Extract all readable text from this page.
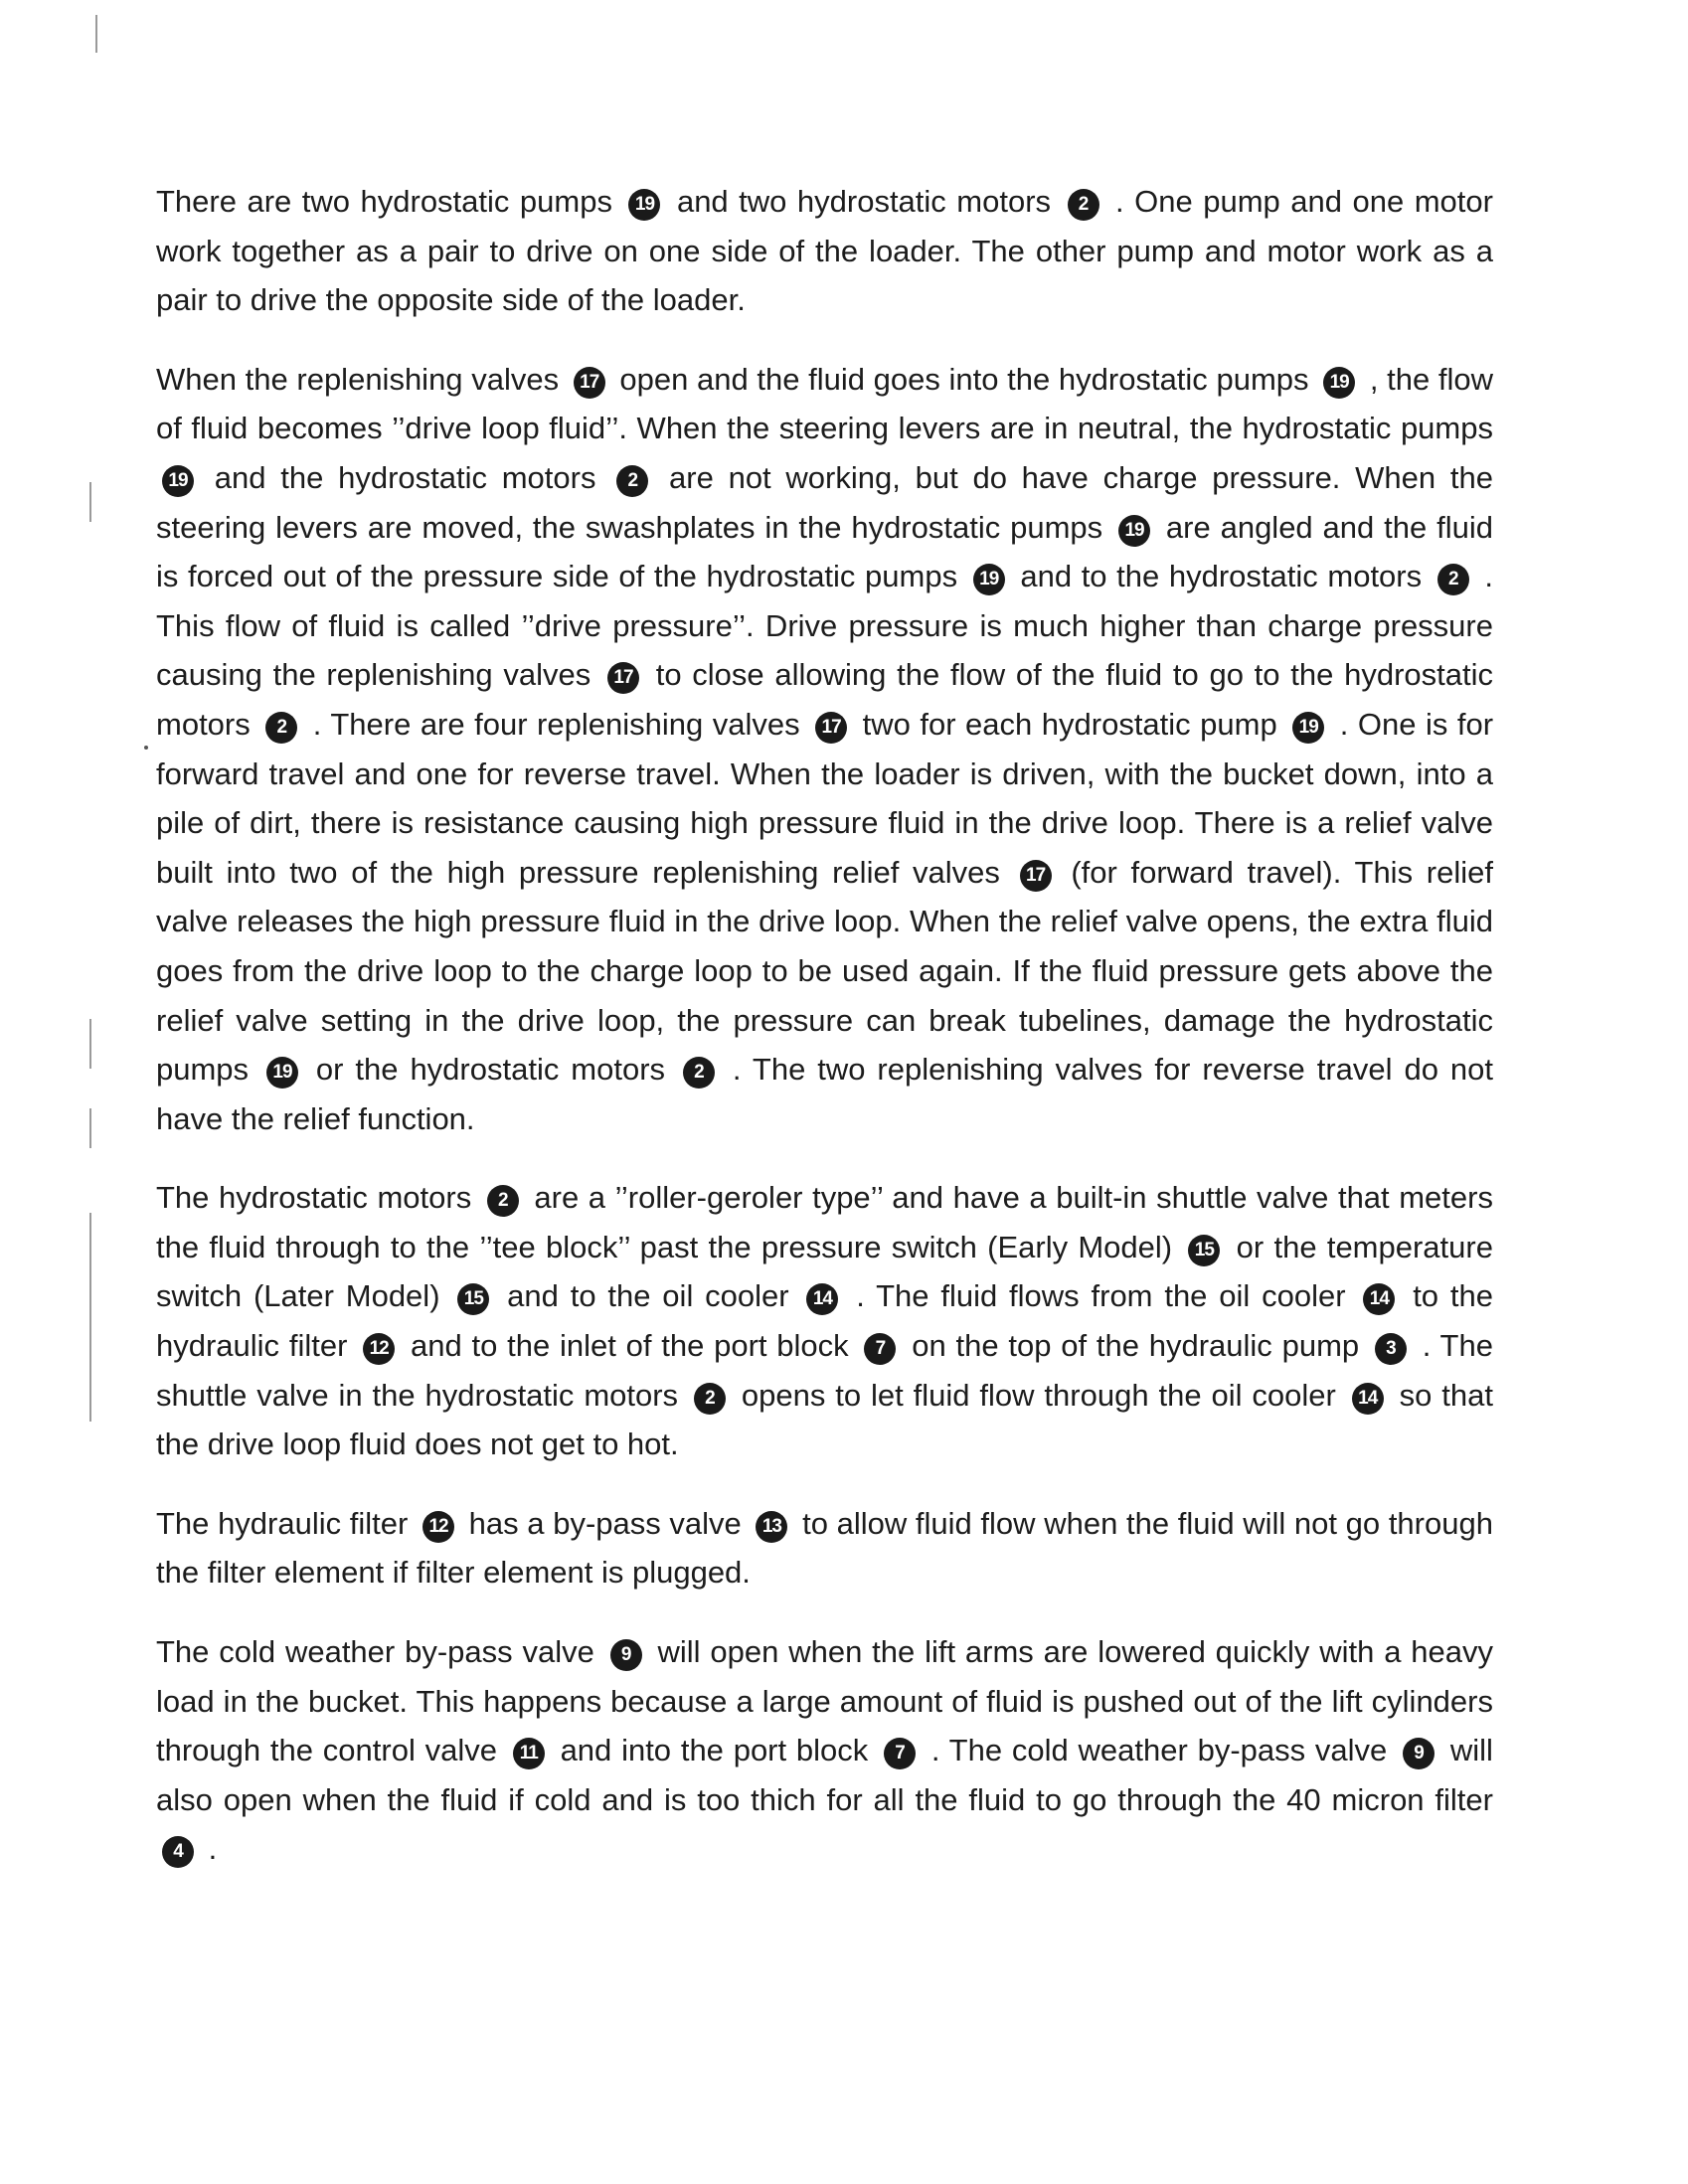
There are two hydrostatic pumps 19 and two hydrostatic motors 2 . One pump and one motor work together as a pair to drive on one side of the loader. The other pump and motor work as a pair to drive the opposite side of the loader.

When the replenishing valves 17 open and the fluid goes into the hydrostatic pumps 19 , the flow of fluid becomes ’’drive loop fluid’’. When the steering levers are in neutral, the hydrostatic pumps 19 and the hydrostatic motors 2 are not working, but do have charge pressure. When the steering levers are moved, the swashplates in the hydrostatic pumps 19 are angled and the fluid is forced out of the pressure side of the hydrostatic pumps 19 and to the hydrostatic motors 2 . This flow of fluid is called ’’drive pressure’’. Drive pressure is much higher than charge pressure causing the replenishing valves 17 to close allowing the flow of the fluid to go to the hydrostatic motors 2 . There are four replenishing valves 17 two for each hydrostatic pump 19 . One is for forward travel and one for reverse travel. When the loader is driven, with the bucket down, into a pile of dirt, there is resistance causing high pressure fluid in the drive loop. There is a relief valve built into two of the high pressure replenishing relief valves 17 (for forward travel). This relief valve releases the high pressure fluid in the drive loop. When the relief valve opens, the extra fluid goes from the drive loop to the charge loop to be used again. If the fluid pressure gets above the relief valve setting in the drive loop, the pressure can break tubelines, damage the hydrostatic pumps 19 or the hydrostatic motors 2 . The two replenishing valves for reverse travel do not have the relief function.

The hydrostatic motors 2 are a ’’roller-geroler type’’ and have a built-in shuttle valve that meters the fluid through to the ’’tee block’’ past the pressure switch (Early Model) 15 or the temperature switch (Later Model) 15 and to the oil cooler 14 . The fluid flows from the oil cooler 14 to the hydraulic filter 12 and to the inlet of the port block 7 on the top of the hydraulic pump 3 . The shuttle valve in the hydrostatic motors 2 opens to let fluid flow through the oil cooler 14 so that the drive loop fluid does not get to hot.

The hydraulic filter 12 has a by-pass valve 13 to allow fluid flow when the fluid will not go through the filter element if filter element is plugged.

The cold weather by-pass valve 9 will open when the lift arms are lowered quickly with a heavy load in the bucket. This happens because a large amount of fluid is pushed out of the lift cylinders through the control valve 11 and into the port block 7 . The cold weather by-pass valve 9 will also open when the fluid if cold and is too thich for all the fluid to go through the 40 micron filter 4 .
